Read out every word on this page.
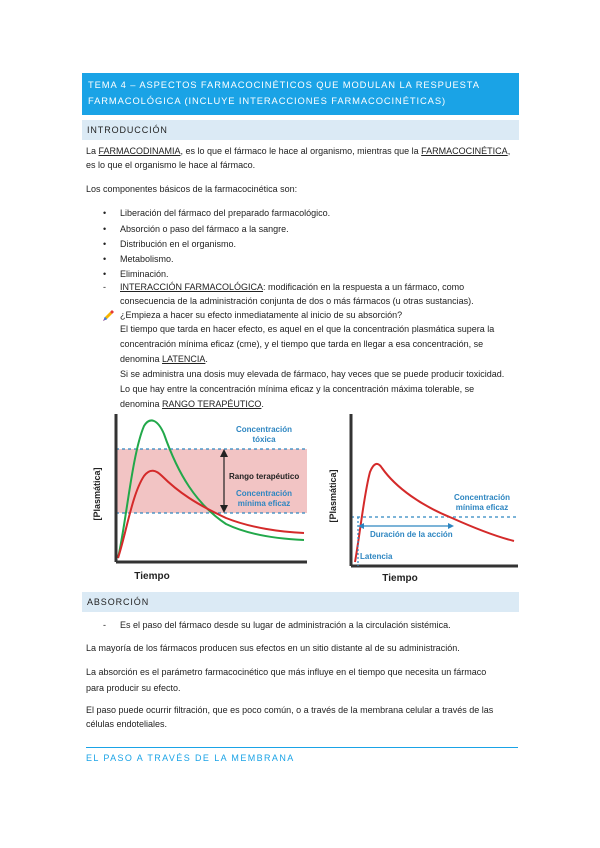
TEMA 4 – ASPECTOS FARMACOCINÉTICOS QUE MODULAN LA RESPUESTA
FARMACOLÓGICA (INCLUYE INTERACCIONES FARMACOCINÉTICAS)
INTRODUCCIÓN
La FARMACODINAMIA, es lo que el fármaco le hace al organismo, mientras que la FARMACOCINÉTICA,
es lo que el organismo le hace al fármaco.
Los componentes básicos de la farmacocinética son:
•	Liberación del fármaco del preparado farmacológico.
•	Absorción o paso del fármaco a la sangre.
•	Distribución en el organismo.
•	Metabolismo.
•	Eliminación.
-	INTERACCIÓN FARMACOLÓGICA: modificación en la respuesta a un fármaco, como
consecuencia de la administración conjunta de dos o más fármacos (u otras sustancias).
¿Empieza a hacer su efecto inmediatamente al inicio de su absorción?
El tiempo que tarda en hacer efecto, es aquel en el que la concentración plasmática supera la
concentración mínima eficaz (cme), y el tiempo que tarda en llegar a esa concentración, se
denomina LATENCIA.
Si se administra una dosis muy elevada de fármaco, hay veces que se puede producir toxicidad.
Lo que hay entre la concentración mínima eficaz y la concentración máxima tolerable, se
denomina RANGO TERAPÉUTICO.
Concentración
tóxica
Rango terapéutico
Concentración
mínima eficaz
[Plasmática]
Tiempo
Concentración
mínima eficaz
Duración de la acción
Latencia
[Plasmática]
Tiempo
ABSORCIÓN
-	Es el paso del fármaco desde su lugar de administración a la circulación sistémica.
La mayoría de los fármacos producen sus efectos en un sitio distante al de su administración.
La absorción es el parámetro farmacocinético que más influye en el tiempo que necesita un fármaco
para producir su efecto.
El paso puede ocurrir filtración, que es poco común, o a través de la membrana celular a través de las
células endoteliales.
EL PASO A TRAVÉS DE LA MEMBRANA
